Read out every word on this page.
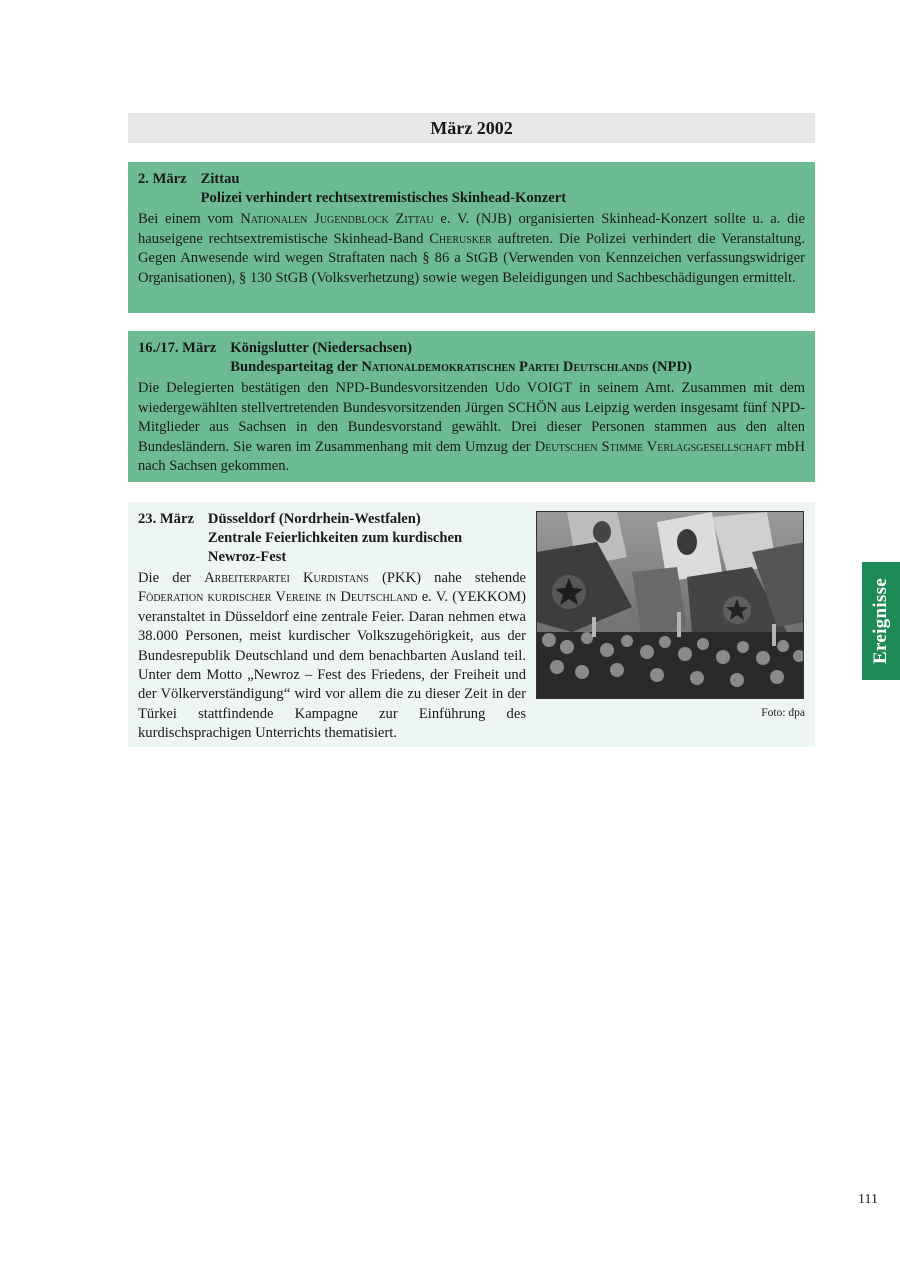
März 2002
2. März Zittau
Polizei verhindert rechtsextremistisches Skinhead-Konzert
Bei einem vom Nationalen Jugendblock Zittau e. V. (NJB) organisierten Skinhead-Konzert sollte u. a. die hauseigene rechtsextremistische Skinhead-Band Cherusker auftreten. Die Polizei verhindert die Veranstaltung. Gegen Anwesende wird wegen Straftaten nach § 86 a StGB (Verwenden von Kennzeichen verfassungswidriger Organisationen), § 130 StGB (Volksverhetzung) sowie wegen Beleidigungen und Sachbeschädigungen ermittelt.
16./17. März Königslutter (Niedersachsen)
Bundesparteitag der Nationaldemokratischen Partei Deutschlands (NPD)
Die Delegierten bestätigen den NPD-Bundesvorsitzenden Udo VOIGT in seinem Amt. Zusammen mit dem wiedergewählten stellvertretenden Bundesvorsitzenden Jürgen SCHÖN aus Leipzig werden insgesamt fünf NPD-Mitglieder aus Sachsen in den Bundesvorstand gewählt. Drei dieser Personen stammen aus den alten Bundesländern. Sie waren im Zusammenhang mit dem Umzug der Deutschen Stimme Verlagsgesellschaft mbH nach Sachsen gekommen.
23. März Düsseldorf (Nordrhein-Westfalen)
Zentrale Feierlichkeiten zum kurdischen
Newroz-Fest
Die der Arbeiterpartei Kurdistans (PKK) nahe stehende Föderation kurdischer Vereine in Deutschland e. V. (YEKKOM) veranstaltet in Düsseldorf eine zentrale Feier. Daran nehmen etwa 38.000 Personen, meist kurdischer Volkszugehörigkeit, aus der Bundesrepublik Deutschland und dem benachbarten Ausland teil. Unter dem Motto „Newroz – Fest des Friedens, der Freiheit und der Völkerverständigung“ wird vor allem die zu dieser Zeit in der Türkei stattfindende Kampagne zur Einführung des kurdischsprachigen Unterrichts thematisiert.
Foto: dpa
Ereignisse
111
